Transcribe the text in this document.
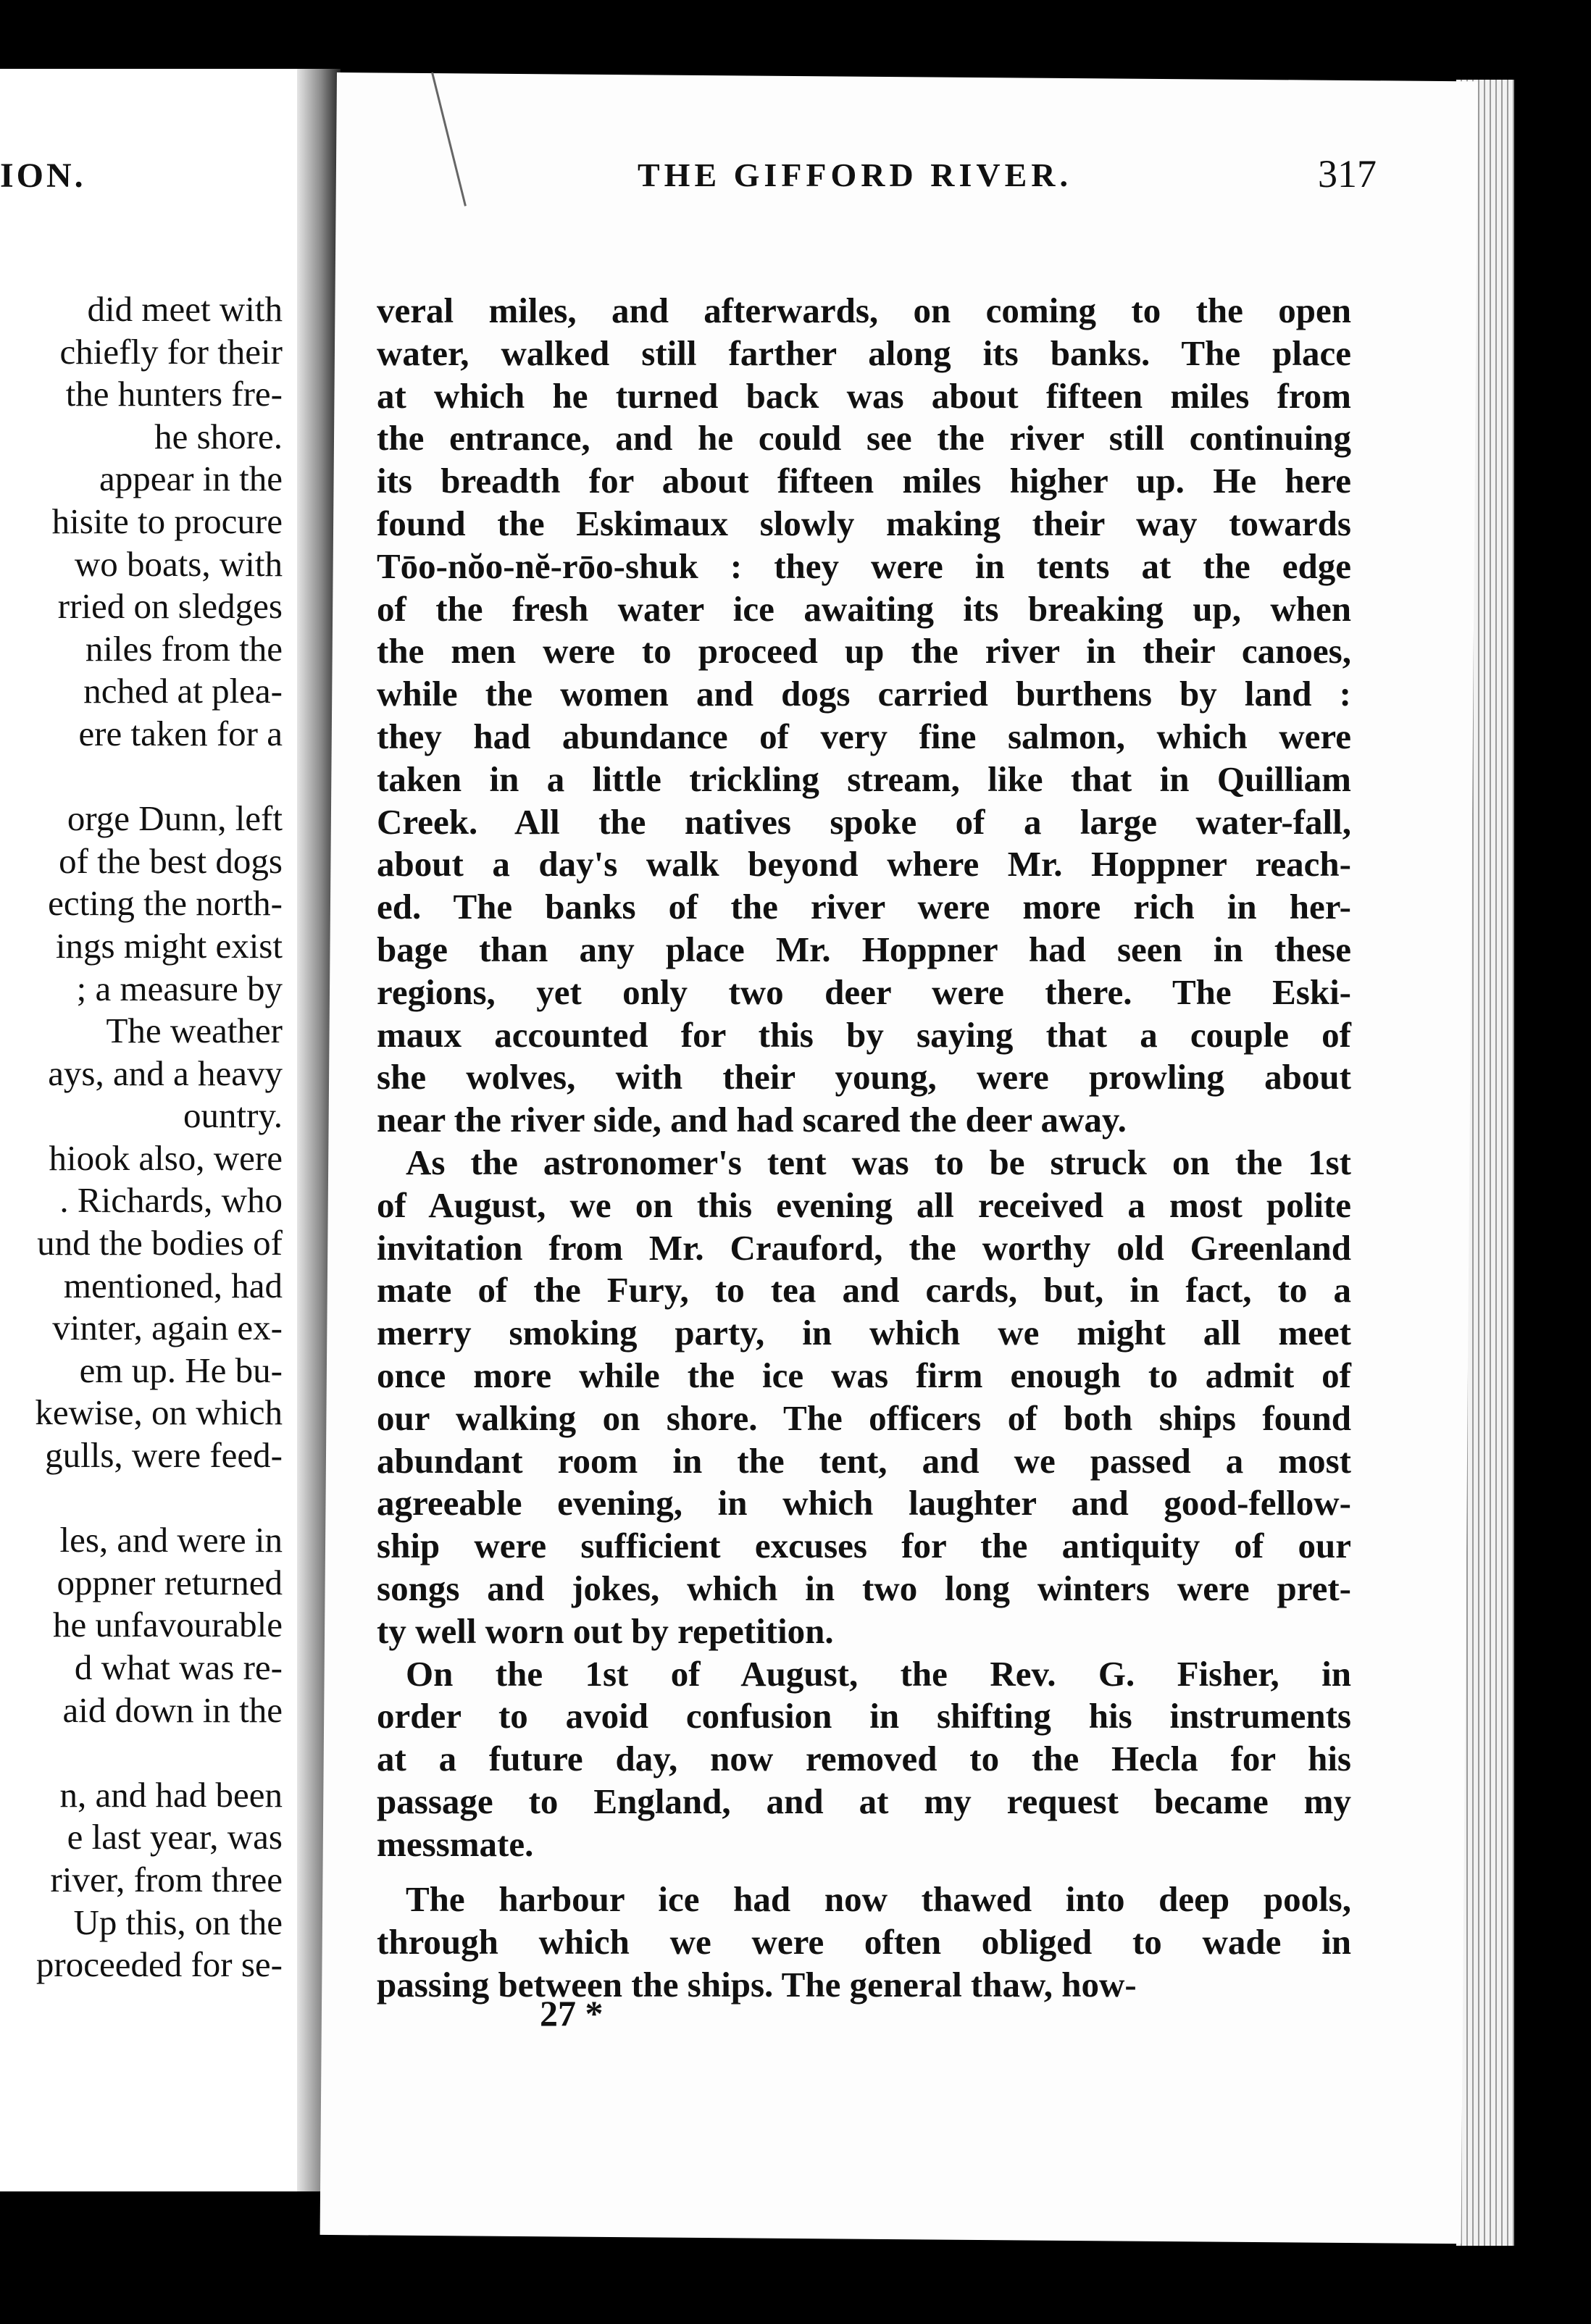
ION.
did meet with
chiefly for their
the hunters fre-
he shore.
appear in the
hisite to procure
wo boats, with
rried on sledges
niles from the
nched at plea-
ere taken for a

orge Dunn, left
of the best dogs
ecting the north-
ings might exist
; a measure by
The weather
ays, and a heavy
ountry.
hiook also, were
. Richards, who
und the bodies of
mentioned, had
vinter, again ex-
em up. He bu-
kewise, on which
gulls, were feed-

les, and were in
oppner returned
he unfavourable
d what was re-
aid down in the

n, and had been
e last year, was
river, from three
Up this, on the
proceeded for se-
THE GIFFORD RIVER.	317
veral miles, and afterwards, on coming to the open
water, walked still farther along its banks. The place
at which he turned back was about fifteen miles from
the entrance, and he could see the river still continuing
its breadth for about fifteen miles higher up. He here
found the Eskimaux slowly making their way towards
Tōo-nŏo-nĕ-rōo-shuk : they were in tents at the edge
of the fresh water ice awaiting its breaking up, when
the men were to proceed up the river in their canoes,
while the women and dogs carried burthens by land :
they had abundance of very fine salmon, which were
taken in a little trickling stream, like that in Quilliam
Creek. All the natives spoke of a large water-fall,
about a day's walk beyond where Mr. Hoppner reach-
ed. The banks of the river were more rich in her-
bage than any place Mr. Hoppner had seen in these
regions, yet only two deer were there. The Eski-
maux accounted for this by saying that a couple of
she wolves, with their young, were prowling about
near the river side, and had scared the deer away.
As the astronomer's tent was to be struck on the 1st
of August, we on this evening all received a most polite
invitation from Mr. Crauford, the worthy old Greenland
mate of the Fury, to tea and cards, but, in fact, to a
merry smoking party, in which we might all meet
once more while the ice was firm enough to admit of
our walking on shore. The officers of both ships found
abundant room in the tent, and we passed a most
agreeable evening, in which laughter and good-fellow-
ship were sufficient excuses for the antiquity of our
songs and jokes, which in two long winters were pret-
ty well worn out by repetition.
On the 1st of August, the Rev. G. Fisher, in
order to avoid confusion in shifting his instruments
at a future day, now removed to the Hecla for his
passage to England, and at my request became my
messmate.
The harbour ice had now thawed into deep pools,
through which we were often obliged to wade in
passing between the ships. The general thaw, how-
27 *
